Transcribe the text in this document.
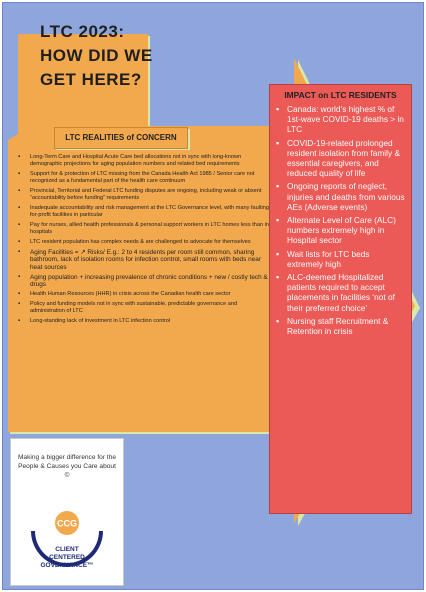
LTC 2023:
HOW DID WE
GET HERE?
LTC REALITIES of CONCERN
▪ Long-Term Care and Hospital Acute Care bed allocations not in sync with long-known demographic projections for aging population numbers and related bed requirements
▪ Support for & protection of LTC missing from the Canada Health Act 1985 / Senior care not recognized as a fundamental part of the health care continuum
▪ Provincial, Territorial and Federal LTC funding disputes are ongoing, including weak or absent “accountability before funding” requirements
▪ Inadequate accountability and risk management at the LTC Governance level, with many faulting for-profit facilities in particular
▪ Pay for nurses, allied health professionals & personal support workers in LTC homes less than in hospitals
▪ LTC resident population has complex needs & are challenged to advocate for themselves
▪ Aging Facilities = ↗ Risks/ E.g.: 2 to 4 residents per room still common, sharing bathroom, lack of isolation rooms for infection control, small rooms with beds near heat sources
▪ Aging population + increasing prevalence of chronic conditions + new / costly tech & drugs
▪ Health Human Resources (HHR) in crisis across the Canadian health care sector
▪ Policy and funding models not in sync with sustainable, predictable governance and administration of LTC
▪ Long-standing lack of investment in LTC infection control
IMPACT on LTC RESIDENTS
▪ Canada: world’s highest % of 1st-wave COVID-19 deaths > in LTC
▪ COVID-19-related prolonged resident isolation from family & essential caregivers, and reduced quality of life
▪ Ongoing reports of neglect, injuries and deaths from various AEs (Adverse events)
▪ Alternate Level of Care (ALC) numbers extremely high in Hospital sector
▪ Wait lists for LTC beds extremely high
▪ ALC-deemed Hospitalized patients required to accept placements in facilities ‘not of their preferred choice’
▪ Nursing staff Recruitment & Retention in crisis
Making a bigger difference for the People & Causes you Care about ©
CCG
CLIENT
CENTERED
GOVERNANCE™
